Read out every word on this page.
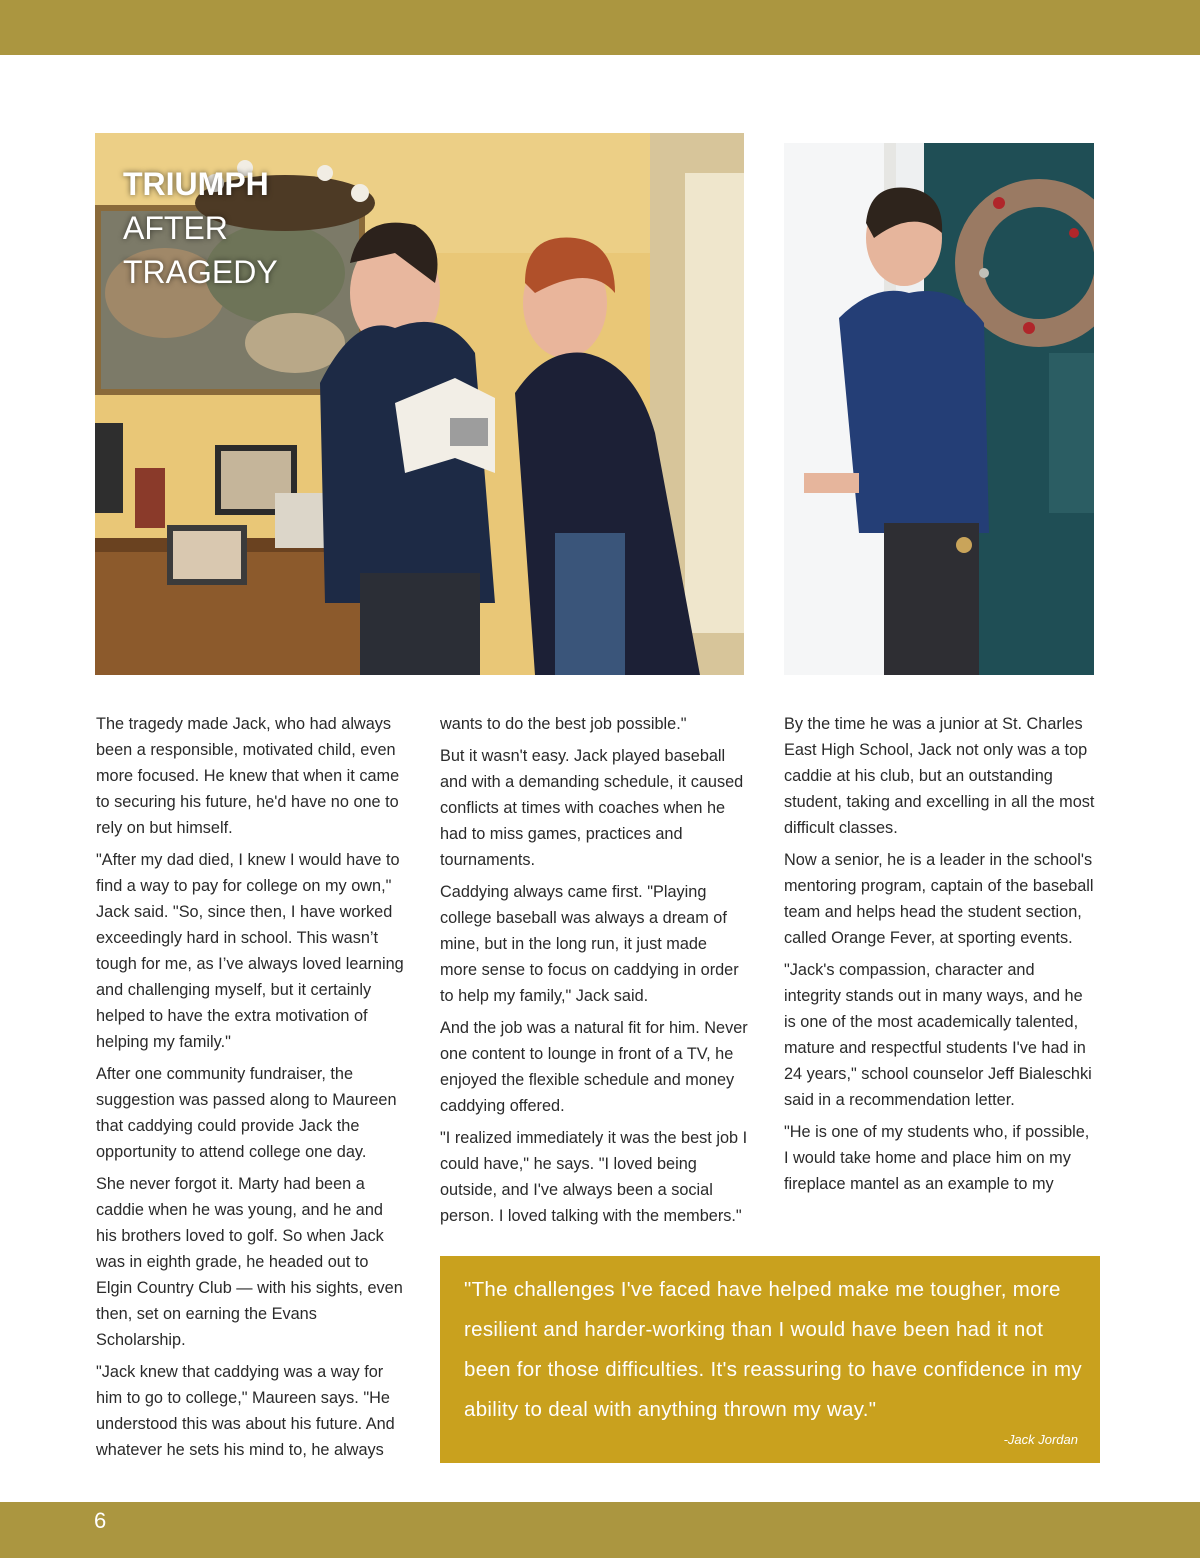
TRIUMPH
AFTER
TRAGEDY

The tragedy made Jack, who had always been a responsible, motivated child, even more focused. He knew that when it came to securing his future, he'd have no one to rely on but himself.

"After my dad died, I knew I would have to find a way to pay for college on my own," Jack said. "So, since then, I have worked exceedingly hard in school. This wasn’t tough for me, as I’ve always loved learning and challenging myself, but it certainly helped to have the extra motivation of helping my family."

After one community fundraiser, the suggestion was passed along to Maureen that caddying could provide Jack the opportunity to attend college one day.

She never forgot it. Marty had been a caddie when he was young, and he and his brothers loved to golf. So when Jack was in eighth grade, he headed out to Elgin Country Club — with his sights, even then, set on earning the Evans Scholarship.

"Jack knew that caddying was a way for him to go to college," Maureen says. "He understood this was about his future. And whatever he sets his mind to, he always

wants to do the best job possible."

But it wasn't easy. Jack played baseball and with a demanding schedule, it caused conflicts at times with coaches when he had to miss games, practices and tournaments.

Caddying always came first. "Playing college baseball was always a dream of mine, but in the long run, it just made more sense to focus on caddying in order to help my family," Jack said.

And the job was a natural fit for him. Never one content to lounge in front of a TV, he enjoyed the flexible schedule and money caddying offered.

"I realized immediately it was the best job I could have," he says. "I loved being outside, and I've always been a social person. I loved talking with the members."

By the time he was a junior at St. Charles East High School, Jack not only was a top caddie at his club, but an outstanding student, taking and excelling in all the most difficult classes.

Now a senior, he is a leader in the school's mentoring program, captain of the baseball team and helps head the student section, called Orange Fever, at sporting events.

"Jack's compassion, character and integrity stands out in many ways, and he is one of the most academically talented, mature and respectful students I've had in 24 years," school counselor Jeff Bialeschki said in a recommendation letter.

"He is one of my students who, if possible, I would take home and place him on my fireplace mantel as an example to my

"The challenges I've faced have helped make me tougher, more resilient and harder-working than I would have been had it not been for those difficulties. It's reassuring to have confidence in my ability to deal with anything thrown my way."
-Jack Jordan
6
